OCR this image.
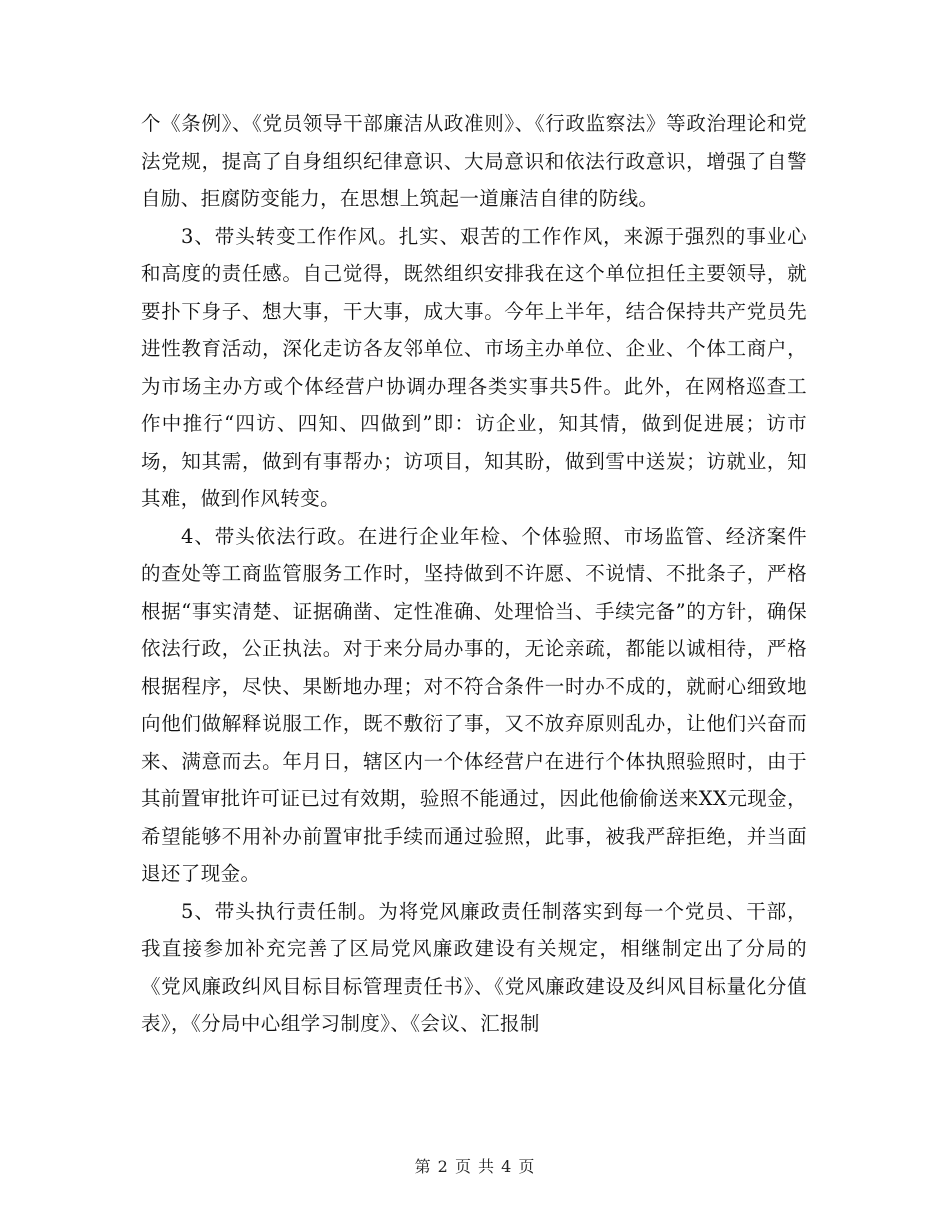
个《条例》、《党员领导干部廉洁从政准则》、《行政监察法》等政治理论和党法党规，提高了自身组织纪律意识、大局意识和依法行政意识，增强了自警自励、拒腐防变能力，在思想上筑起一道廉洁自律的防线。

3、带头转变工作作风。扎实、艰苦的工作作风，来源于强烈的事业心和高度的责任感。自己觉得，既然组织安排我在这个单位担任主要领导，就要扑下身子、想大事，干大事，成大事。今年上半年，结合保持共产党员先进性教育活动，深化走访各友邻单位、市场主办单位、企业、个体工商户，为市场主办方或个体经营户协调办理各类实事共5件。此外，在网格巡查工作中推行“四访、四知、四做到”即：访企业，知其情，做到促进展；访市场，知其需，做到有事帮办；访项目，知其盼，做到雪中送炭；访就业，知其难，做到作风转变。

4、带头依法行政。在进行企业年检、个体验照、市场监管、经济案件的查处等工商监管服务工作时，坚持做到不许愿、不说情、不批条子，严格根据“事实清楚、证据确凿、定性准确、处理恰当、手续完备”的方针，确保依法行政，公正执法。对于来分局办事的，无论亲疏，都能以诚相待，严格根据程序，尽快、果断地办理；对不符合条件一时办不成的，就耐心细致地向他们做解释说服工作，既不敷衍了事，又不放弃原则乱办，让他们兴奋而来、满意而去。年月日，辖区内一个体经营户在进行个体执照验照时，由于其前置审批许可证已过有效期，验照不能通过，因此他偷偷送来XX元现金，希望能够不用补办前置审批手续而通过验照，此事，被我严辞拒绝，并当面退还了现金。

5、带头执行责任制。为将党风廉政责任制落实到每一个党员、干部，我直接参加补充完善了区局党风廉政建设有关规定，相继制定出了分局的《党风廉政纠风目标目标管理责任书》、《党风廉政建设及纠风目标量化分值表》，《分局中心组学习制度》、《会议、汇报制

第 2 页 共 4 页
